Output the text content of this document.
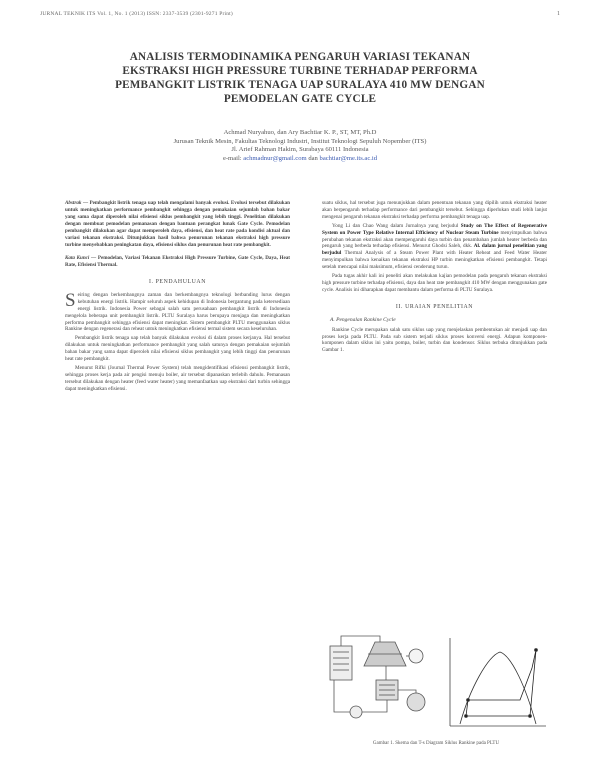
JURNAL TEKNIK ITS Vol. 1, No. 1 (2013) ISSN: 2337-3539 (2301-9271 Print)	1
ANALISIS TERMODINAMIKA PENGARUH VARIASI TEKANAN
EKSTRAKSI HIGH PRESSURE TURBINE TERHADAP PERFORMA
PEMBANGKIT LISTRIK TENAGA UAP SURALAYA 410 MW DENGAN
PEMODELAN GATE CYCLE
Achmad Nuryahuo, dan Ary Bachtiar K. P., ST, MT, Ph.D
Jurusan Teknik Mesin, Fakultas Teknologi Industri, Institut Teknologi Sepuluh Nopember (ITS)
Jl. Arief Rahman Hakim, Surabaya 60111 Indonesia
e-mail: achmadnur@gmail.com dan bachtiar@me.its.ac.id
Abstrak — Pembangkit listrik tenaga uap telah mengalami banyak evolusi. Evolusi tersebut dilakukan untuk meningkatkan performance pembangkit sehingga dengan pemakaian sejumlah bahan bakar yang sama dapat diperoleh nilai efisiensi siklus pembangkit yang lebih tinggi. Penelitian dilakukan dengan membuat pemodelan pemanasan dengan bantuan perangkat lunak Gate Cycle. Pemodelan pembangkit dilakukan agar dapat memperoleh daya, efisiensi, dan heat rate pada kondisi aktual dan variasi tekanan ekstraksi. Ditunjukkan hasil bahwa penurunan tekanan ekstraksi high pressure turbine menyebabkan peningkatan daya, efisiensi siklus dan penurunan heat rate pembangkit.
Kata Kunci — Pemodelan, Variasi Tekanan Ekstraksi High Pressure Turbine, Gate Cycle, Daya, Heat Rate, Efisiensi Thermal.
I. PENDAHULUAN

Seiring dengan berkembangnya zaman dan berkembangnya teknologi berbanding lurus dengan kebutuhan energi listrik. Hampir seluruh aspek kehidupan di Indonesia bergantung pada ketersediaan energi listrik. Indonesia Power sebagai salah satu perusahaan pembangkit listrik di Indonesia mengelola beberapa unit pembangkit listrik. PLTU Suralaya harus berupaya menjaga dan meningkatkan performa pembangkit sehingga efisiensi dapat meningkat. Sistem pembangkit PLTU menggunakan siklus Rankine dengan regenerasi dan reheat untuk meningkatkan efisiensi termal sistem secara keseluruhan.

Pembangkit listrik tenaga uap telah banyak dilakukan evolusi di dalam proses kerjanya. Hal tersebut dilakukan untuk meningkatkan performance pembangkit yang salah satunya dengan pemakaian sejumlah bahan bakar yang sama dapat diperoleh nilai efisiensi siklus pembangkit yang lebih tinggi dan penurunan heat rate pembangkit.

Menurut Rifki (Journal Thermal Power System) telah mengidentifikasi efisiensi pembangkit listrik, sehingga proses kerja pada air pengisi menuju boiler, air tersebut dipanaskan terlebih dahulu. Pemanasan tersebut dilakukan dengan heater (feed water heater) yang memanfaatkan uap ekstraksi dari turbin sehingga dapat meningkatkan efisiensi.

suatu siklus, hal tersebut juga menunjukkan dalam penentuan tekanan yang dipilih untuk ekstraksi heater akan berpengaruh terhadap performance dari pembangkit tersebut. Sehingga diperlukan studi lebih lanjut mengenai pengaruh tekanan ekstraksi terhadap performa pembangkit tenaga uap.

Yong Li dan Chao Wang dalam Jurnalnya yang berjudul Study on The Effect of Regenerative System on Power Type Relative Internal Efficiency of Nuclear Steam Turbine menyimpulkan bahwa perubahan tekanan ekstraksi akan mempengaruhi daya turbin dan penambahan jumlah heater berbeda dan pengaruh yang berbeda terhadap efisiensi. Menurut Ghodsi Saleh, dkk. Al. dalam jurnal penelitian yang berjudul Thermal Analysis of a Steam Power Plant with Heater Reheat and Feed Water Heater menyimpulkan bahwa kenaikan tekanan ekstraksi HP turbin meningkatkan efisiensi pembangkit. Tetapi setelah mencapai nilai maksimum, efisiensi cenderung turun.

Pada tugas akhir kali ini peneliti akan melakukan kajian pemodelan pada pengaruh tekanan ekstraksi high pressure turbine terhadap efisiensi, daya dan heat rate pembangkit 410 MW dengan menggunakan gate cycle. Analisis ini diharapkan dapat membantu dalam performa di PLTU Suralaya.

II. URAIAN PENELITIAN
A. Pengenalan Rankine Cycle

Rankine Cycle merupakan salah satu siklus uap yang menjelaskan pembentukan air menjadi uap dan proses kerja pada PLTU. Pada sub sistem terjadi siklus proses konversi energi. Adapun komponen-komponen dalam siklus ini yaitu pompa, boiler, turbin dan kondensor. Siklus terbuka ditunjukkan pada Gambar 1.

Gambar 1. Skema dan T-s Diagram Siklus Rankine pada PLTU
